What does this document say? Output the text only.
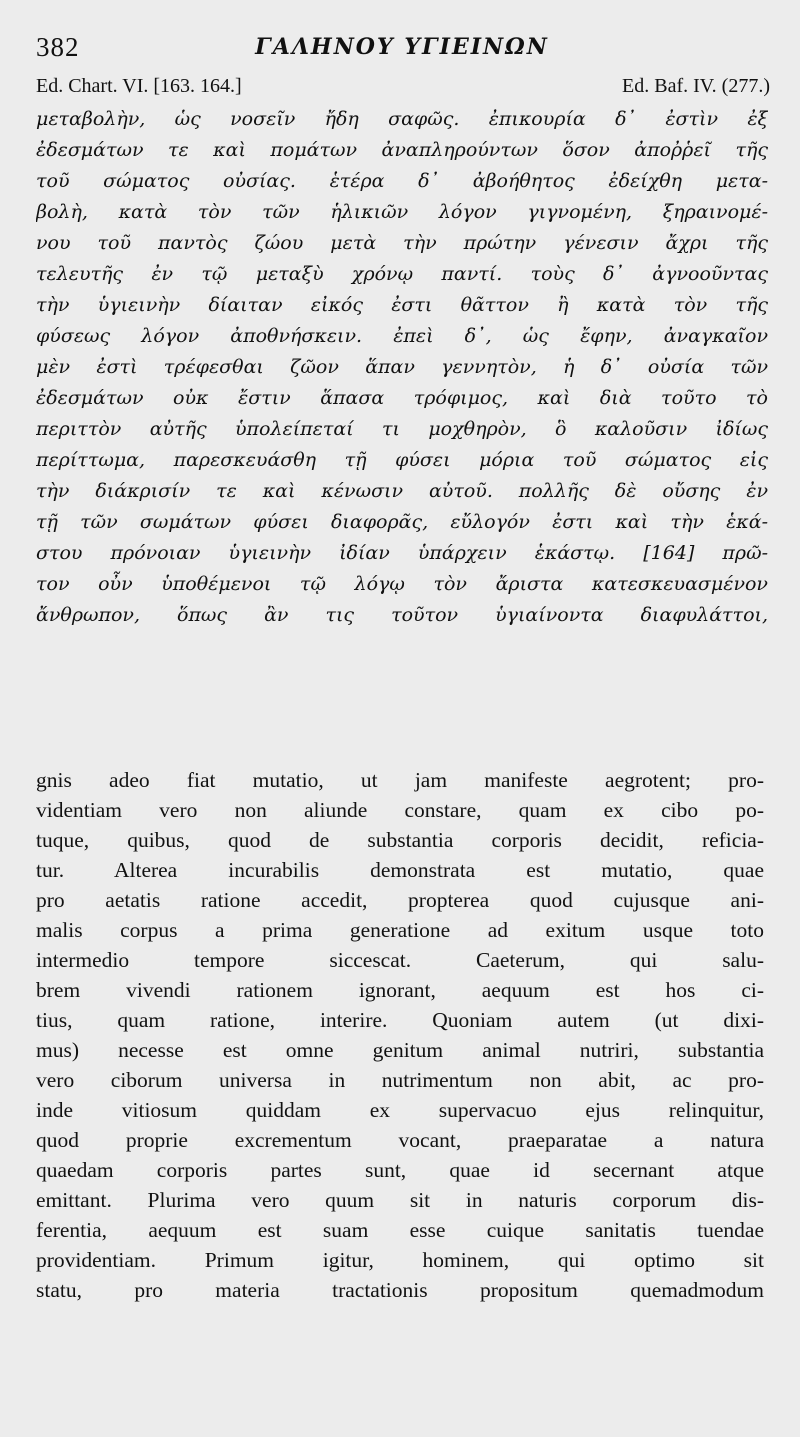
382	ΓΑΛΗΝΟΥ ΥΓΙΕΙΝΩΝ
Ed. Chart. VI. [163. 164.]	Ed. Baf. IV. (277.)
μεταβολὴν, ὡς νοσεῖν ἤδη σαφῶς. ἐπικουρία δ᾽ ἐστὶν ἐξ
ἐδεσμάτων τε καὶ πομάτων ἀναπληρούντων ὅσον ἀποῤῥεῖ τῆς
τοῦ σώματος οὐσίας. ἑτέρα δ᾽ ἀβοήθητος ἐδείχθη μετα-
βολὴ, κατὰ τὸν τῶν ἡλικιῶν λόγον γιγνομένη, ξηραινομέ-
νου τοῦ παντὸς ζώου μετὰ τὴν πρώτην γένεσιν ἄχρι τῆς
τελευτῆς ἐν τῷ μεταξὺ χρόνῳ παντί. τοὺς δ᾽ ἀγνοοῦντας
τὴν ὑγιεινὴν δίαιταν εἰκός ἐστι θᾶττον ἢ κατὰ τὸν τῆς
φύσεως λόγον ἀποθνήσκειν. ἐπεὶ δ᾽, ὡς ἔφην, ἀναγκαῖον
μὲν ἐστὶ τρέφεσθαι ζῶον ἅπαν γεννητὸν, ἡ δ᾽ οὐσία τῶν
ἐδεσμάτων οὐκ ἔστιν ἅπασα τρόφιμος, καὶ διὰ τοῦτο τὸ
περιττὸν αὐτῆς ὑπολείπεταί τι μοχθηρὸν, ὃ καλοῦσιν ἰδίως
περίττωμα, παρεσκευάσθη τῇ φύσει μόρια τοῦ σώματος εἰς
τὴν διάκρισίν τε καὶ κένωσιν αὐτοῦ. πολλῆς δὲ οὔσης ἐν
τῇ τῶν σωμάτων φύσει διαφορᾶς, εὔλογόν ἐστι καὶ τὴν ἑκά-
στου πρόνοιαν ὑγιεινὴν ἰδίαν ὑπάρχειν ἑκάστῳ. [164] πρῶ-
τον οὖν ὑποθέμενοι τῷ λόγῳ τὸν ἄριστα κατεσκευασμένον
ἄνθρωπον, ὅπως ἂν τις τοῦτον ὑγιαίνοντα διαφυλάττοι,

gnis adeo fiat mutatio, ut jam manifeste aegrotent; pro-
videntiam vero non aliunde constare, quam ex cibo po-
tuque, quibus, quod de substantia corporis decidit, reficia-
tur. Alterea incurabilis demonstrata est mutatio, quae
pro aetatis ratione accedit, propterea quod cujusque ani-
malis corpus a prima generatione ad exitum usque toto
intermedio tempore siccescat. Caeterum, qui salu-
brem vivendi rationem ignorant, aequum est hos ci-
tius, quam ratione, interire. Quoniam autem (ut dixi-
mus) necesse est omne genitum animal nutriri, substantia
vero ciborum universa in nutrimentum non abit, ac pro-
inde vitiosum quiddam ex supervacuo ejus relinquitur,
quod proprie excrementum vocant, praeparatae a natura
quaedam corporis partes sunt, quae id secernant atque
emittant. Plurima vero quum sit in naturis corporum dis-
ferentia, aequum est suam esse cuique sanitatis tuendae
providentiam. Primum igitur, hominem, qui optimo sit
statu, pro materia tractationis propositum quemadmodum
